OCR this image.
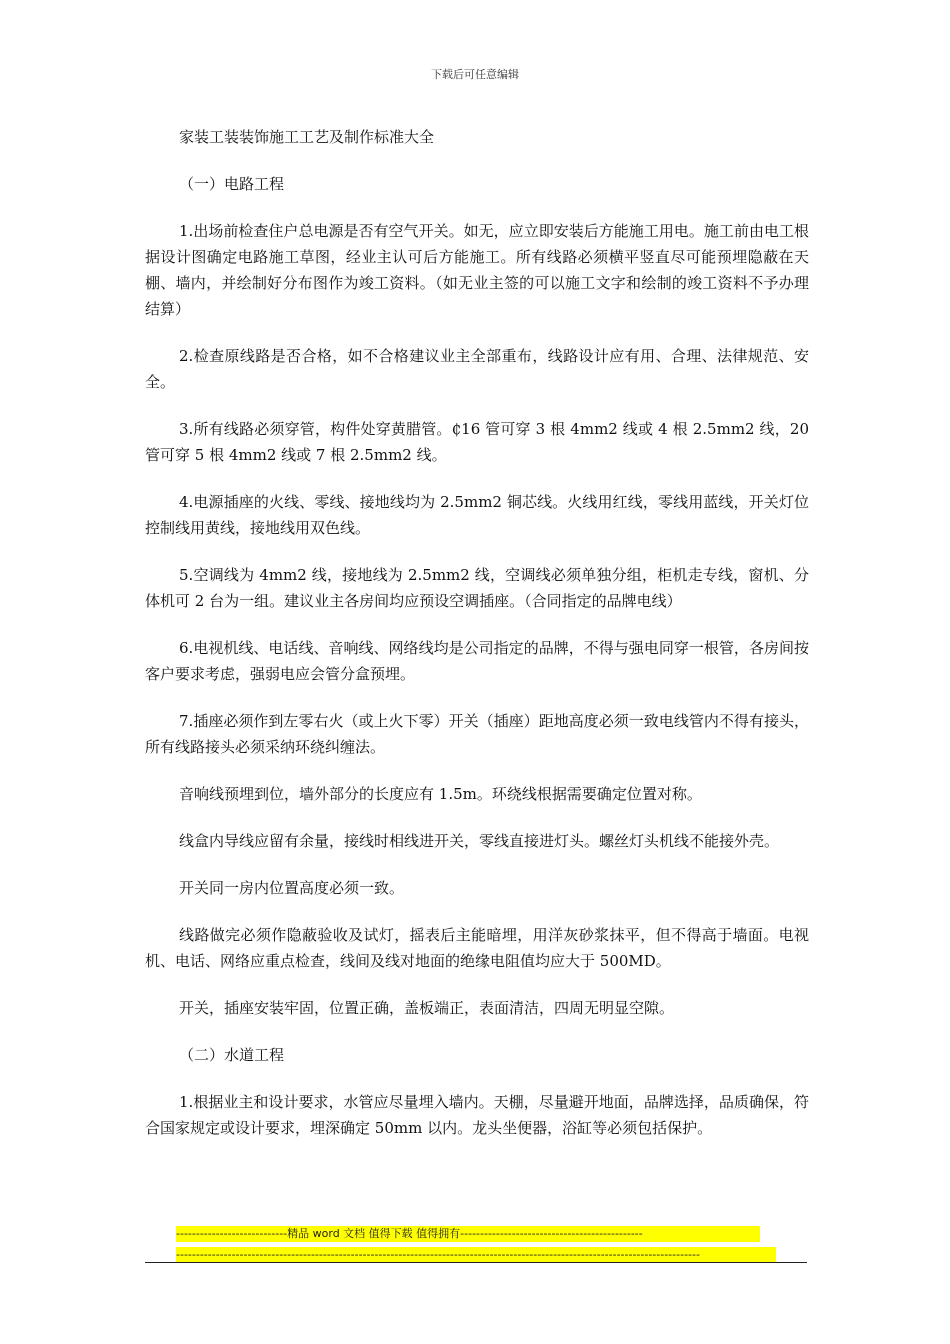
下载后可任意编辑

家装工装装饰施工工艺及制作标准大全

（一）电路工程

1.出场前检查住户总电源是否有空气开关。如无，应立即安装后方能施工用电。施工前由电工根据设计图确定电路施工草图，经业主认可后方能施工。所有线路必须横平竖直尽可能预埋隐蔽在天棚、墙内，并绘制好分布图作为竣工资料。（如无业主签的可以施工文字和绘制的竣工资料不予办理结算）

2.检查原线路是否合格，如不合格建议业主全部重布，线路设计应有用、合理、法律规范、安全。

3.所有线路必须穿管，构件处穿黄腊管。₵16 管可穿 3 根 4mm2 线或 4 根 2.5mm2 线，20 管可穿 5 根 4mm2 线或 7 根 2.5mm2 线。

4.电源插座的火线、零线、接地线均为 2.5mm2 铜芯线。火线用红线，零线用蓝线，开关灯位控制线用黄线，接地线用双色线。

5.空调线为 4mm2 线，接地线为 2.5mm2 线，空调线必须单独分组，柜机走专线，窗机、分体机可 2 台为一组。建议业主各房间均应预设空调插座。（合同指定的品牌电线）

6.电视机线、电话线、音响线、网络线均是公司指定的品牌，不得与强电同穿一根管，各房间按客户要求考虑，强弱电应会管分盒预埋。

7.插座必须作到左零右火（或上火下零）开关（插座）距地高度必须一致电线管内不得有接头，所有线路接头必须采纳环绕纠缠法。

音响线预埋到位，墙外部分的长度应有 1.5m。环绕线根据需要确定位置对称。

线盒内导线应留有余量，接线时相线进开关，零线直接进灯头。螺丝灯头机线不能接外壳。

开关同一房内位置高度必须一致。

线路做完必须作隐蔽验收及试灯，摇表后主能暗埋，用洋灰砂浆抹平，但不得高于墙面。电视机、电话、网络应重点检查，线间及线对地面的绝缘电阻值均应大于 500MD。

开关，插座安装牢固，位置正确，盖板端正，表面清洁，四周无明显空隙。

（二）水道工程

1.根据业主和设计要求，水管应尽量埋入墙内。天棚，尽量避开地面，品牌选择，品质确保，符合国家规定或设计要求，埋深确定 50mm 以内。龙头坐便器，浴缸等必须包括保护。

----------------------------精品 word 文档 值得下载 值得拥有----------------------------------------------
------------------------------------------------------------------------------------------------------------------------------------
